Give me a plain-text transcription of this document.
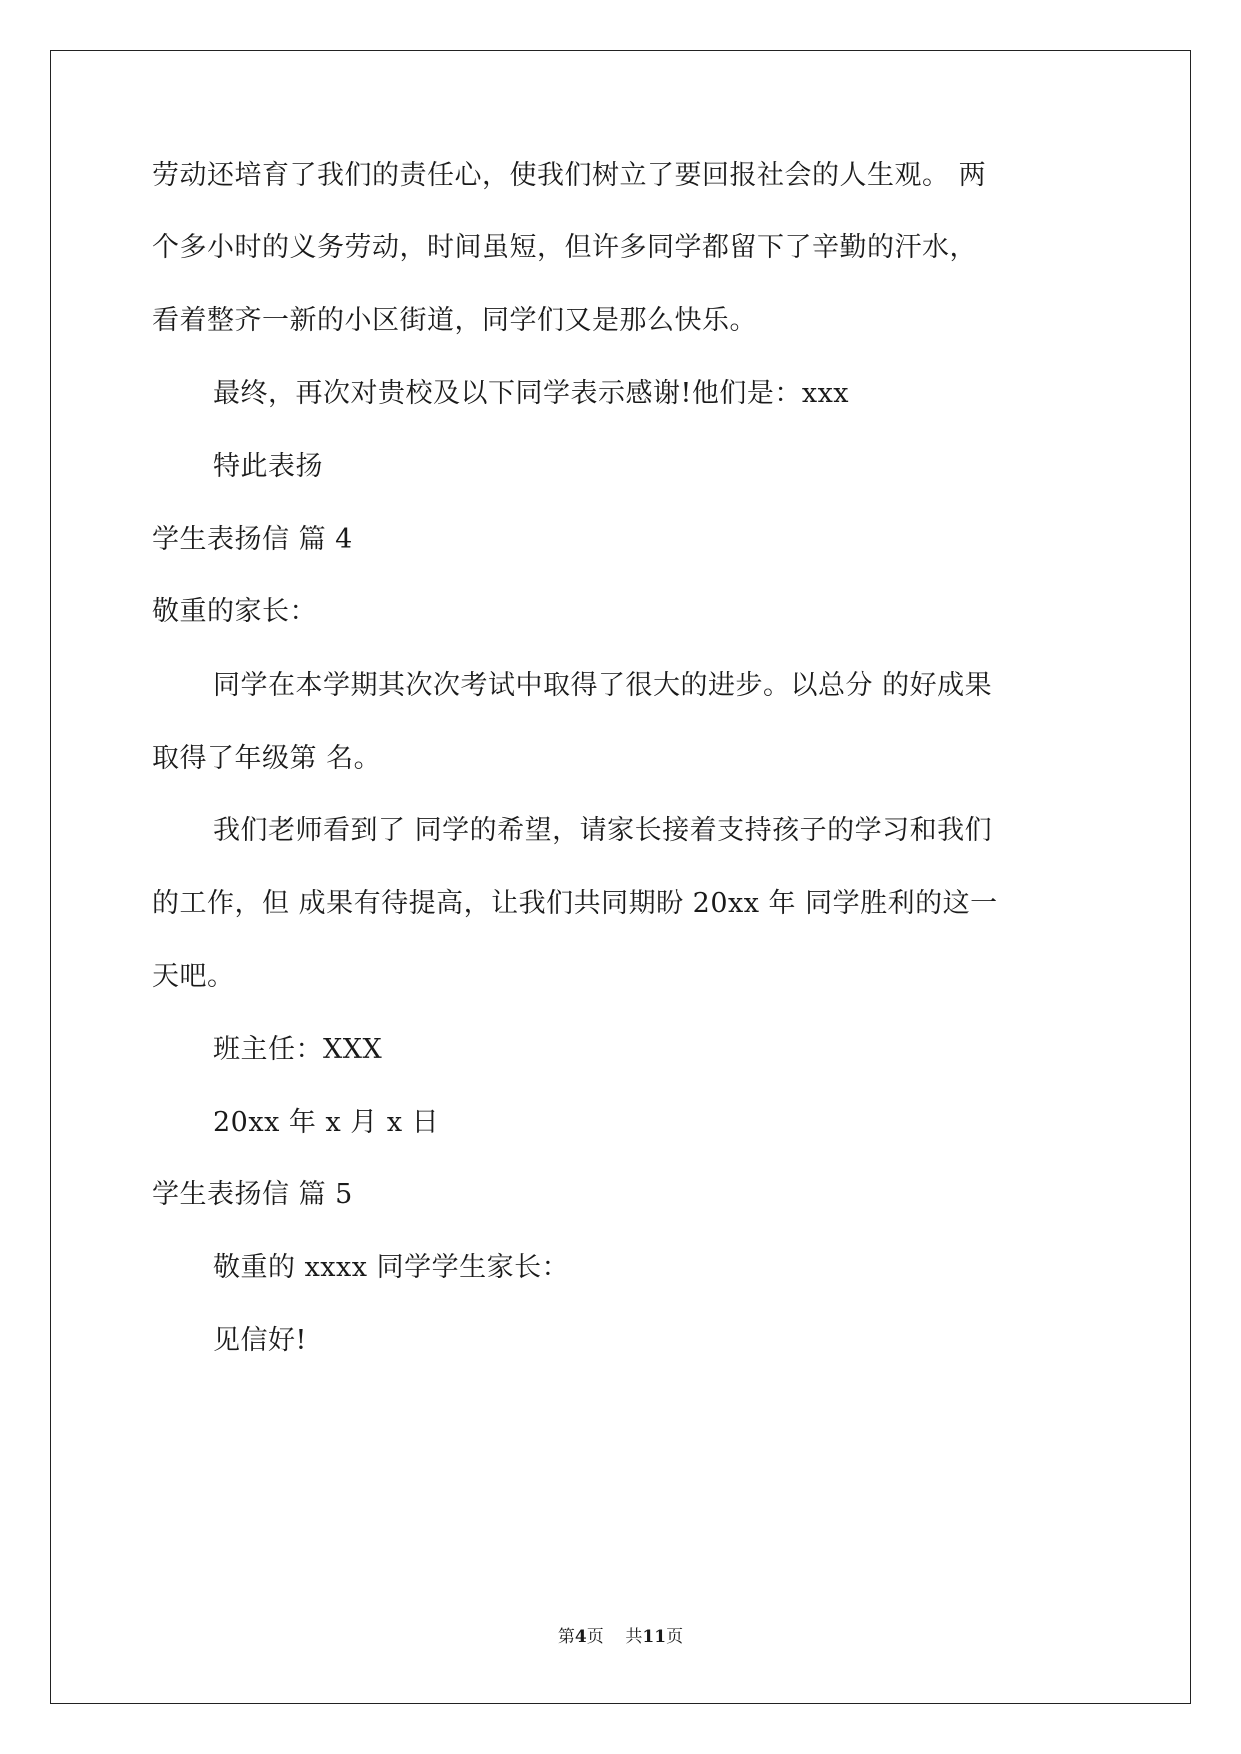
劳动还培育了我们的责任心，使我们树立了要回报社会的人生观。 两
个多小时的义务劳动，时间虽短，但许多同学都留下了辛勤的汗水，
看着整齐一新的小区街道，同学们又是那么快乐。
最终，再次对贵校及以下同学表示感谢!他们是：xxx
特此表扬
学生表扬信 篇 4
敬重的家长：
同学在本学期其次次考试中取得了很大的进步。以总分 的好成果
取得了年级第 名。
我们老师看到了 同学的希望，请家长接着支持孩子的学习和我们
的工作，但 成果有待提高，让我们共同期盼 20xx 年 同学胜利的这一
天吧。
班主任：XXX
20xx 年 x 月 x 日
学生表扬信 篇 5
敬重的 xxxx 同学学生家长：
见信好!
第4页 共11页
